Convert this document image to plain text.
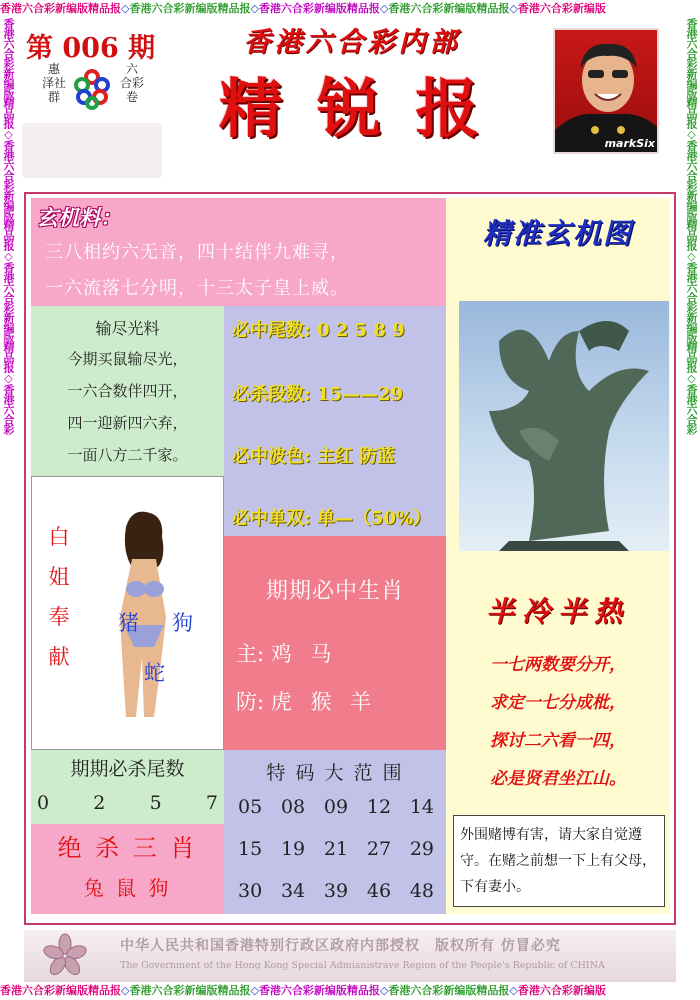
香港六合彩新编版精品报◇香港六合彩新编版精品报◇香港六合彩新编版精品报◇香港六合彩新编版精品报◇香港六合彩新编版
香港六合彩新编版精品报◇香港六合彩新编版精品报◇香港六合彩新编版精品报◇香港六合彩新编版精品报◇香港六合彩新编版
香港六合彩新编版精品报◇香港六合彩新编版精品报◇香港六合彩新编版精品报◇香港六合彩	香港六合彩新编版精品报◇香港六合彩新编版精品报◇香港六合彩新编版精品报◇香港六合彩
第 006 期
惠
泽社
群
六
合彩
卷
香港六合彩内部
精 锐 报	markSix
玄机料：
三八相约六无音，四十结伴九难寻，
一六流落七分明，十三太子皇上威。
输尽光料
今期买鼠输尽光，
一六合数伴四开，
四一迎新四六弃，
一面八方二千家。
必中尾数: 0 2 5 8 9
必杀段数: 15——29
必中波色: 主红 防蓝
必中单双: 单—（50%）
白
姐
奉
献
猪 狗
蛇
期期必中生肖
主: 鸡 马
防: 虎 猴 羊
期期必杀尾数
0 2 5 7
绝 杀 三 肖
兔 鼠 狗
特 码 大 范 围
05 08 09 12 14
15 19 21 27 29
30 34 39 46 48
精准玄机图
半冷半热
一七两数要分开，
求定一七分成枇，
探讨二六看一四，
必是贤君坐江山。
外围赌博有害，请大家自觉遵守。在赌之前想一下上有父母，下有妻小。
中华人民共和国香港特别行政区政府内部授权　版权所有 仿冒必究
The Government of the Hong Kong Special Admianistrave Region of the People's Republic of CHINA
